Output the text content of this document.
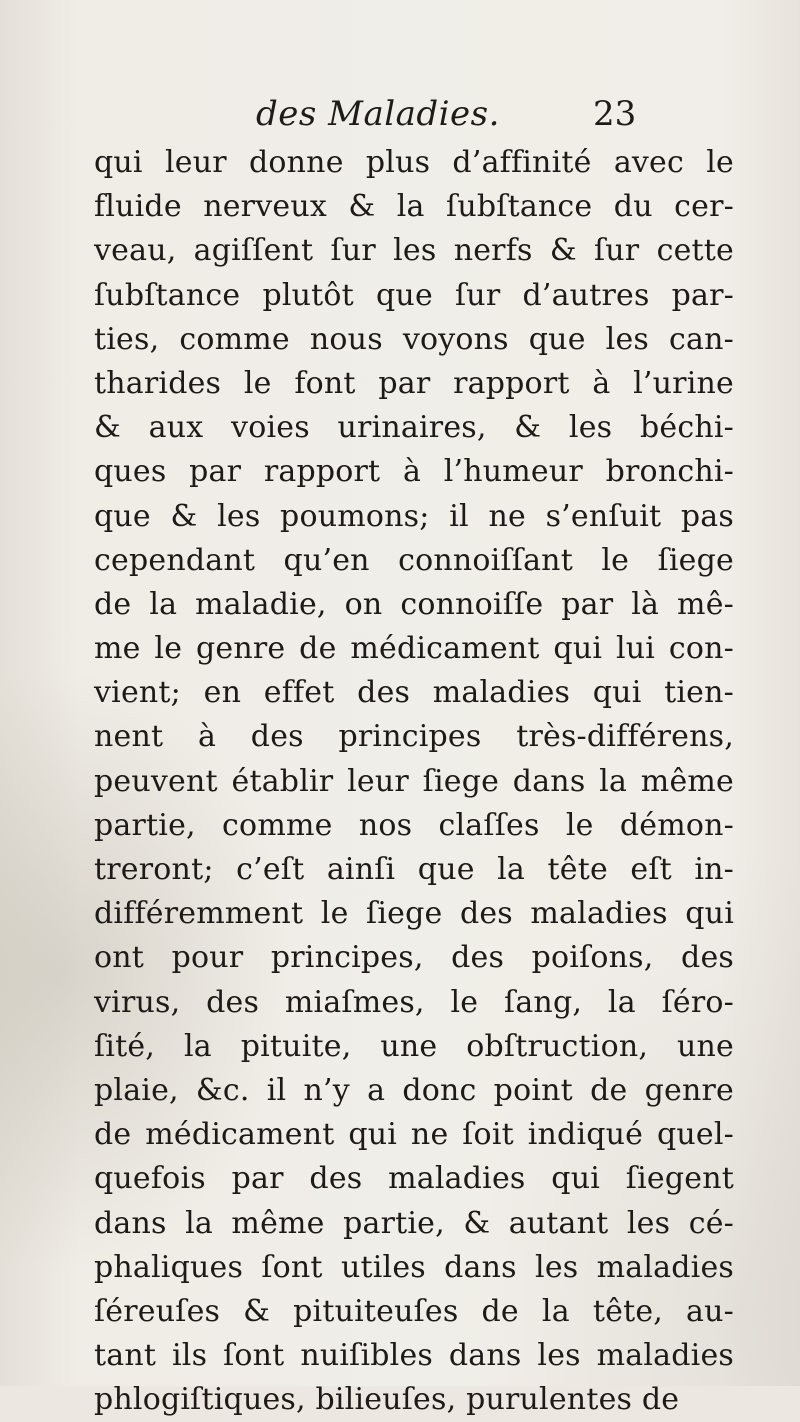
des Maladies.	23
qui leur donne plus d’affinité avec le
fluide nerveux & la ſubſtance du cer-
veau, agiſſent ſur les nerfs & ſur cette
ſubſtance plutôt que ſur d’autres par-
ties, comme nous voyons que les can-
tharides le font par rapport à l’urine
& aux voies urinaires, & les béchi-
ques par rapport à l’humeur bronchi-
que & les poumons; il ne s’enſuit pas
cependant qu’en connoiſſant le ſiege
de la maladie, on connoiſſe par là mê-
me le genre de médicament qui lui con-
vient; en effet des maladies qui tien-
nent à des principes très-différens,
peuvent établir leur ſiege dans la même
partie, comme nos claſſes le démon-
treront; c’eſt ainſi que la tête eſt in-
différemment le ſiege des maladies qui
ont pour principes, des poiſons, des
virus, des miaſmes, le ſang, la ſéro-
ſité, la pituite, une obſtruction, une
plaie, &c. il n’y a donc point de genre
de médicament qui ne ſoit indiqué quel-
quefois par des maladies qui ſiegent
dans la même partie, & autant les cé-
phaliques ſont utiles dans les maladies
ſéreuſes & pituiteuſes de la tête, au-
tant ils ſont nuiſibles dans les maladies
phlogiſtiques, bilieuſes, purulentes de
